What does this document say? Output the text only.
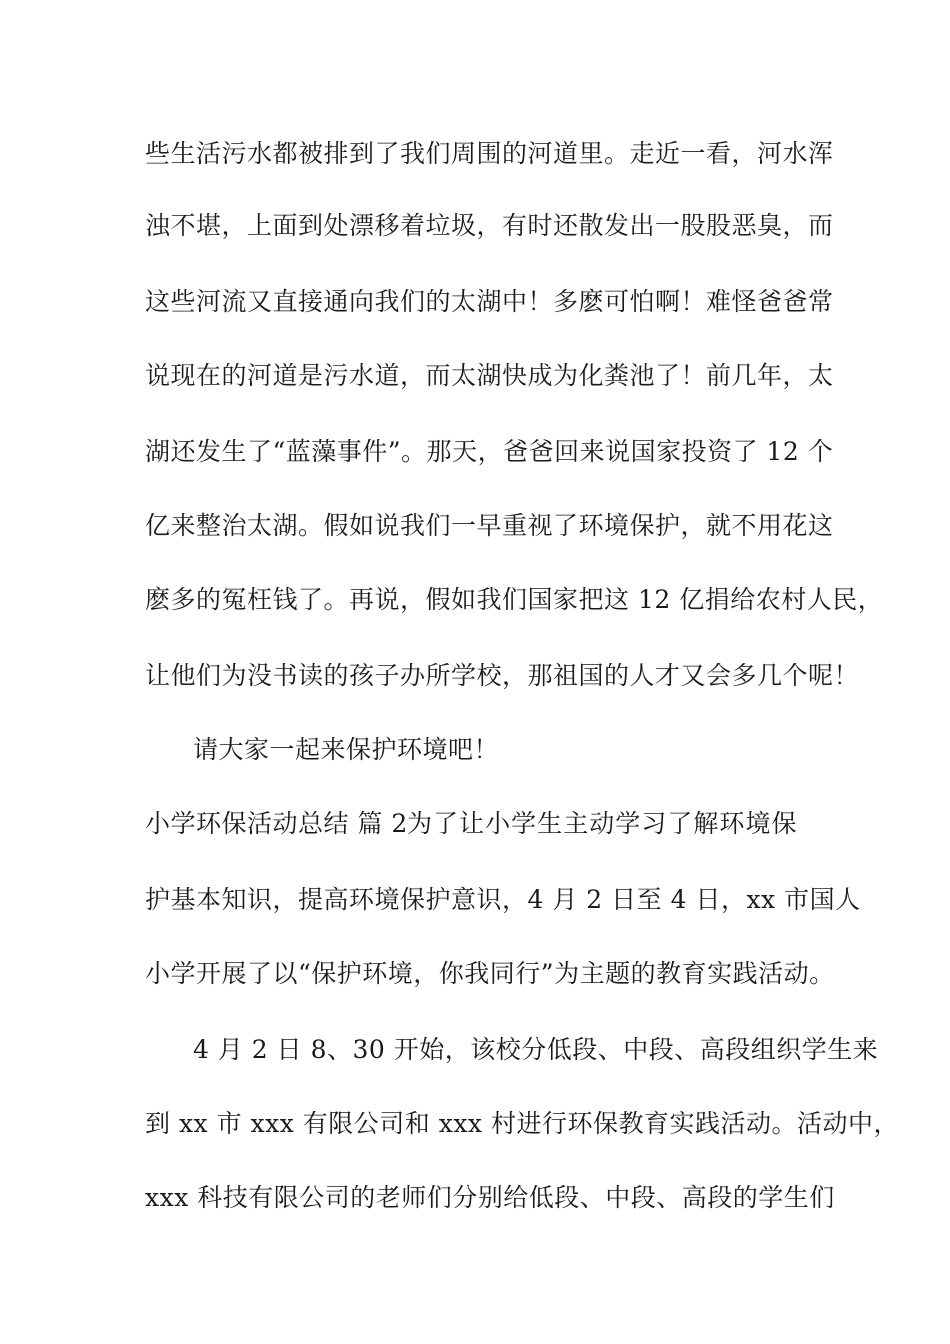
些生活污水都被排到了我们周围的河道里。走近一看，河水浑
浊不堪，上面到处漂移着垃圾，有时还散发出一股股恶臭，而
这些河流又直接通向我们的太湖中！多麽可怕啊！难怪爸爸常
说现在的河道是污水道，而太湖快成为化粪池了！前几年，太
湖还发生了“蓝藻事件”。那天，爸爸回来说国家投资了 12 个
亿来整治太湖。假如说我们一早重视了环境保护，就不用花这
麽多的冤枉钱了。再说，假如我们国家把这 12 亿捐给农村人民，
让他们为没书读的孩子办所学校，那祖国的人才又会多几个呢！
请大家一起来保护环境吧！
小学环保活动总结 篇 2为了让小学生主动学习了解环境保
护基本知识，提高环境保护意识，4 月 2 日至 4 日，xx 市国人
小学开展了以“保护环境，你我同行”为主题的教育实践活动。
4 月 2 日 8、30 开始，该校分低段、中段、高段组织学生来
到 xx 市 xxx 有限公司和 xxx 村进行环保教育实践活动。活动中，
xxx 科技有限公司的老师们分别给低段、中段、高段的学生们
